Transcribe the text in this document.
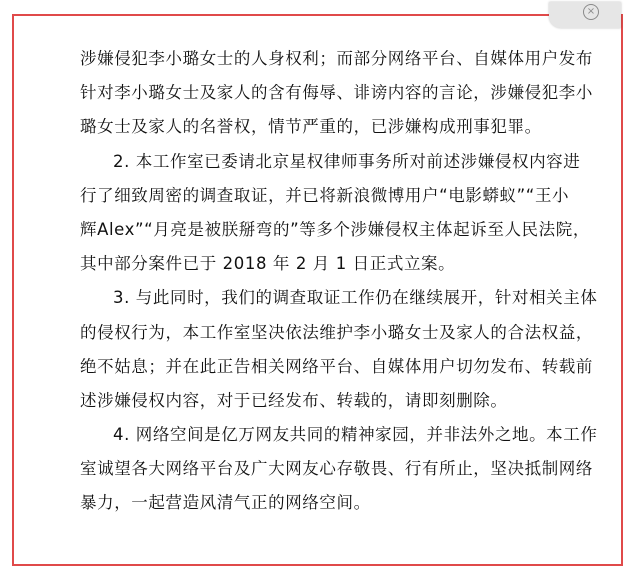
×
涉嫌侵犯李小璐女士的人身权利；而部分网络平台、自媒体用户发布
针对李小璐女士及家人的含有侮辱、诽谤内容的言论，涉嫌侵犯李小
璐女士及家人的名誉权，情节严重的，已涉嫌构成刑事犯罪。
2. 本工作室已委请北京星权律师事务所对前述涉嫌侵权内容进
行了细致周密的调查取证，并已将新浪微博用户“电影蟒蚁”“王小
辉Alex”“月亮是被朕掰弯的”等多个涉嫌侵权主体起诉至人民法院，
其中部分案件已于 2018 年 2 月 1 日正式立案。
3. 与此同时，我们的调查取证工作仍在继续展开，针对相关主体
的侵权行为，本工作室坚决依法维护李小璐女士及家人的合法权益，
绝不姑息；并在此正告相关网络平台、自媒体用户切勿发布、转载前
述涉嫌侵权内容，对于已经发布、转载的，请即刻删除。
4. 网络空间是亿万网友共同的精神家园，并非法外之地。本工作
室诚望各大网络平台及广大网友心存敬畏、行有所止，坚决抵制网络
暴力，一起营造风清气正的网络空间。
